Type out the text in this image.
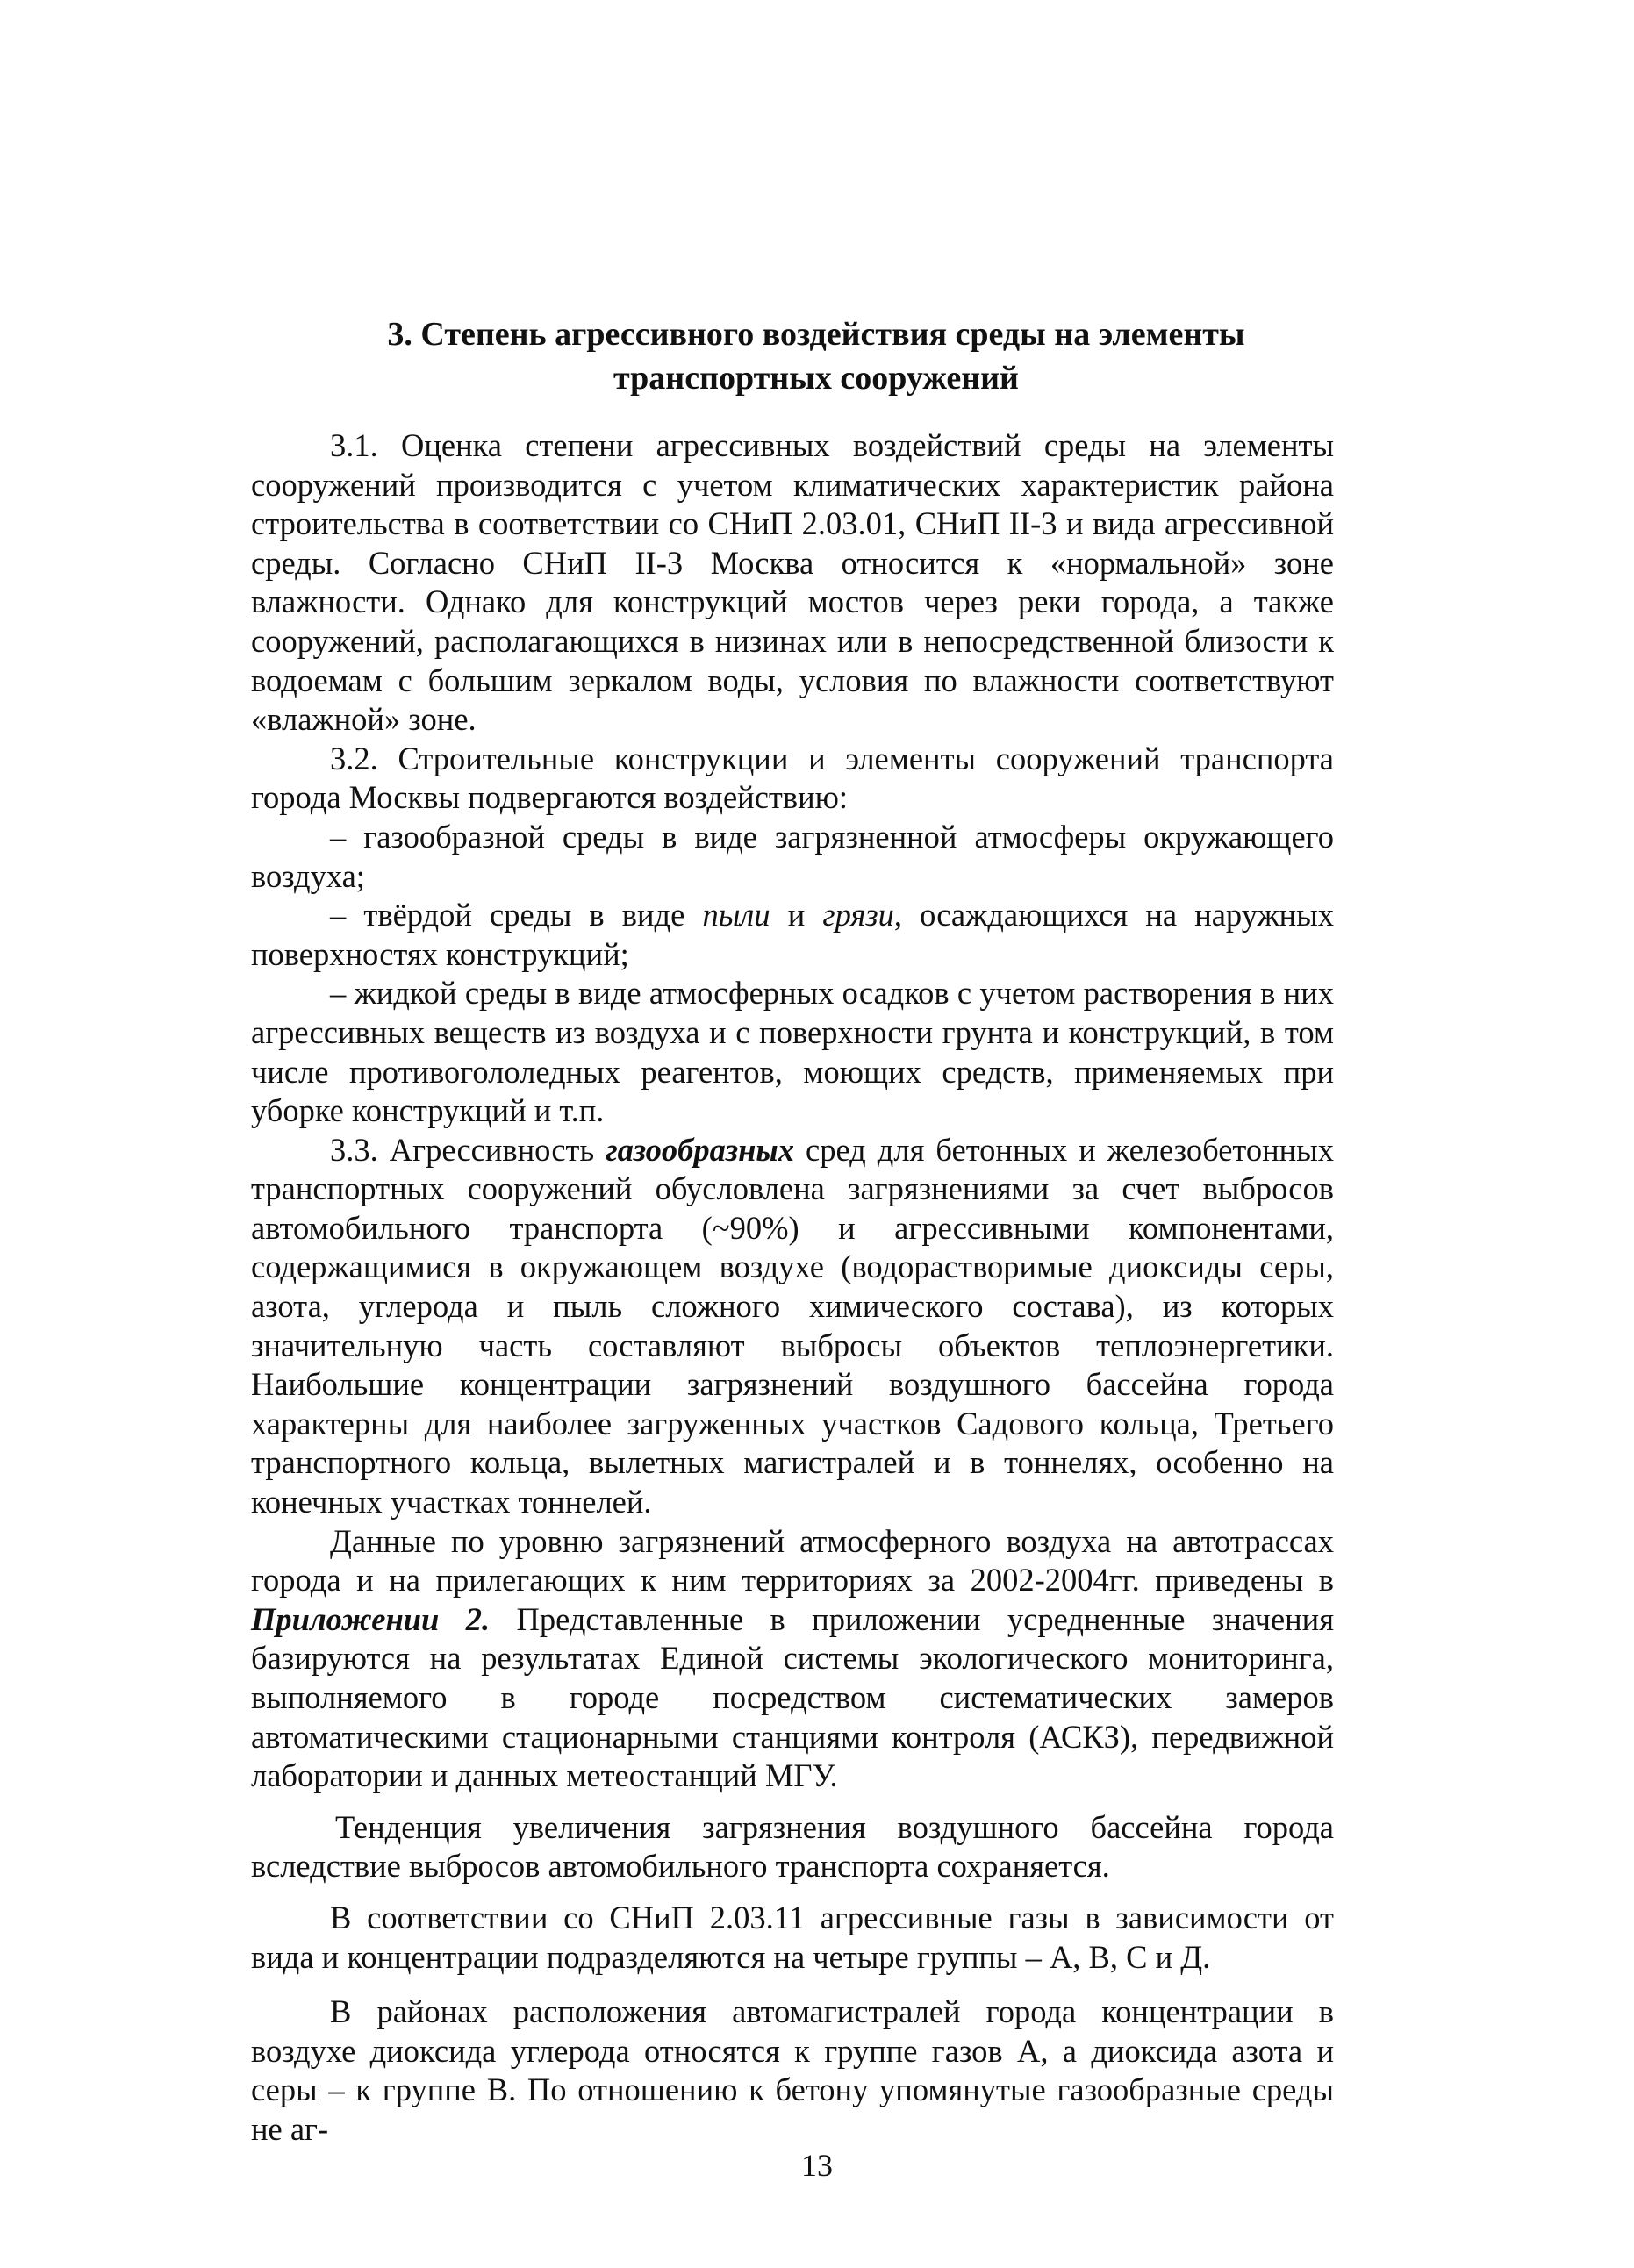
3. Степень агрессивного воздействия среды на элементы
транспортных сооружений

3.1. Оценка степени агрессивных воздействий среды на элементы сооружений производится с учетом климатических характеристик района строительства в соответствии со СНиП 2.03.01, СНиП II-3 и вида агрессивной среды. Согласно СНиП II-3 Москва относится к «нормальной» зоне влажности. Однако для конструкций мостов через реки города, а также сооружений, располагающихся в низинах или в непосредственной близости к водоемам с большим зеркалом воды, условия по влажности соответствуют «влажной» зоне.

3.2. Строительные конструкции и элементы сооружений транспорта города Москвы подвергаются воздействию:

– газообразной среды в виде загрязненной атмосферы окружающего воздуха;

– твёрдой среды в виде пыли и грязи, осаждающихся на наружных поверхностях конструкций;

– жидкой среды в виде атмосферных осадков с учетом растворения в них агрессивных веществ из воздуха и с поверхности грунта и конструкций, в том числе противогололедных реагентов, моющих средств, применяемых при уборке конструкций и т.п.

3.3. Агрессивность газообразных сред для бетонных и железобетонных транспортных сооружений обусловлена загрязнениями за счет выбросов автомобильного транспорта (~90%) и агрессивными компонентами, содержащимися в окружающем воздухе (водорастворимые диоксиды серы, азота, углерода и пыль сложного химического состава), из которых значительную часть составляют выбросы объектов теплоэнергетики. Наибольшие концентрации загрязнений воздушного бассейна города характерны для наиболее загруженных участков Садового кольца, Третьего транспортного кольца, вылетных магистралей и в тоннелях, особенно на конечных участках тоннелей.

Данные по уровню загрязнений атмосферного воздуха на автотрассах города и на прилегающих к ним территориях за 2002-2004гг. приведены в Приложении 2. Представленные в приложении усредненные значения базируются на результатах Единой системы экологического мониторинга, выполняемого в городе посредством систематических замеров автоматическими стационарными станциями контроля (АСКЗ), передвижной лаборатории и данных метеостанций МГУ.

Тенденция увеличения загрязнения воздушного бассейна города вследствие выбросов автомобильного транспорта сохраняется.

В соответствии со СНиП 2.03.11 агрессивные газы в зависимости от вида и концентрации подразделяются на четыре группы – А, В, С и Д.

В районах расположения автомагистралей города концентрации в воздухе диоксида углерода относятся к группе газов А, а диоксида азота и серы – к группе В. По отношению к бетону упомянутые газообразные среды не аг-

13
